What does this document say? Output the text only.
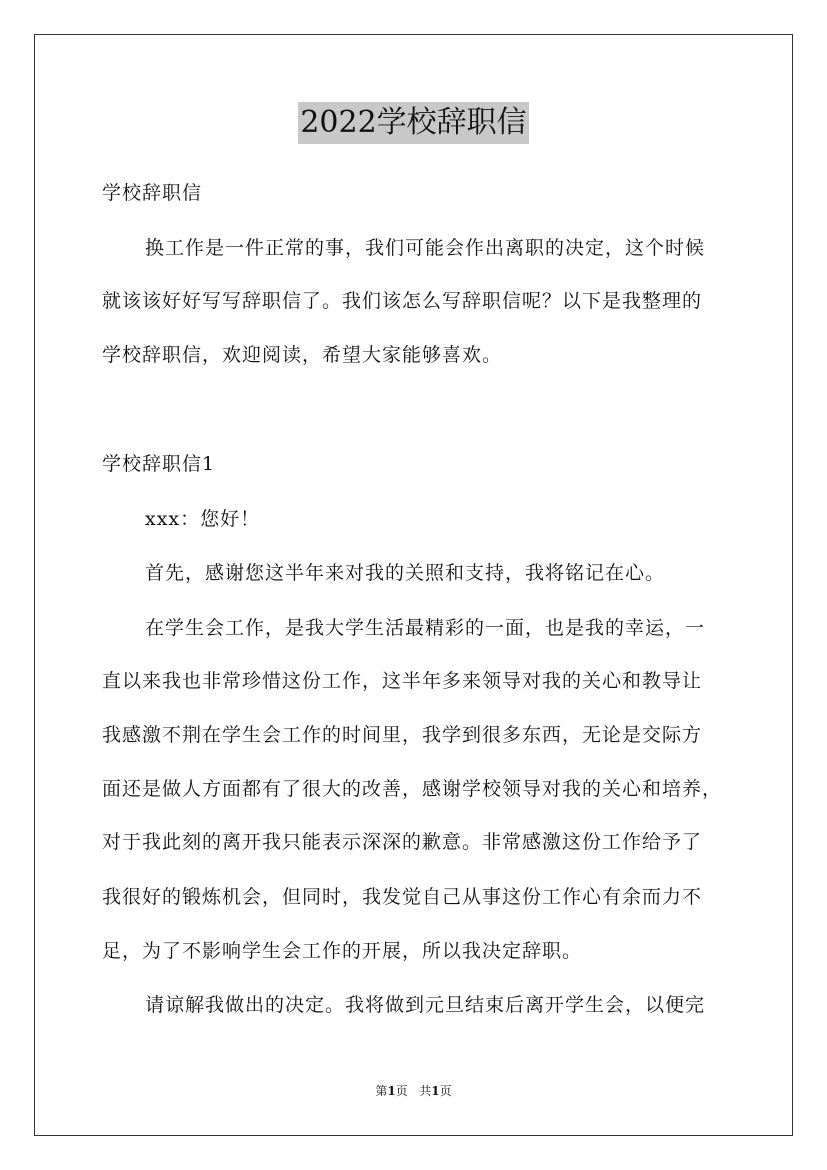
2022学校辞职信
学校辞职信
换工作是一件正常的事，我们可能会作出离职的决定，这个时候
就该该好好写写辞职信了。我们该怎么写辞职信呢？以下是我整理的
学校辞职信，欢迎阅读，希望大家能够喜欢。
学校辞职信1
xxx：您好！
首先，感谢您这半年来对我的关照和支持，我将铭记在心。
在学生会工作，是我大学生活最精彩的一面，也是我的幸运，一
直以来我也非常珍惜这份工作，这半年多来领导对我的关心和教导让
我感激不荆在学生会工作的时间里，我学到很多东西，无论是交际方
面还是做人方面都有了很大的改善，感谢学校领导对我的关心和培养，
对于我此刻的离开我只能表示深深的歉意。非常感激这份工作给予了
我很好的锻炼机会，但同时，我发觉自己从事这份工作心有余而力不
足，为了不影响学生会工作的开展，所以我决定辞职。
请谅解我做出的决定。我将做到元旦结束后离开学生会，以便完
第1页 共1页
